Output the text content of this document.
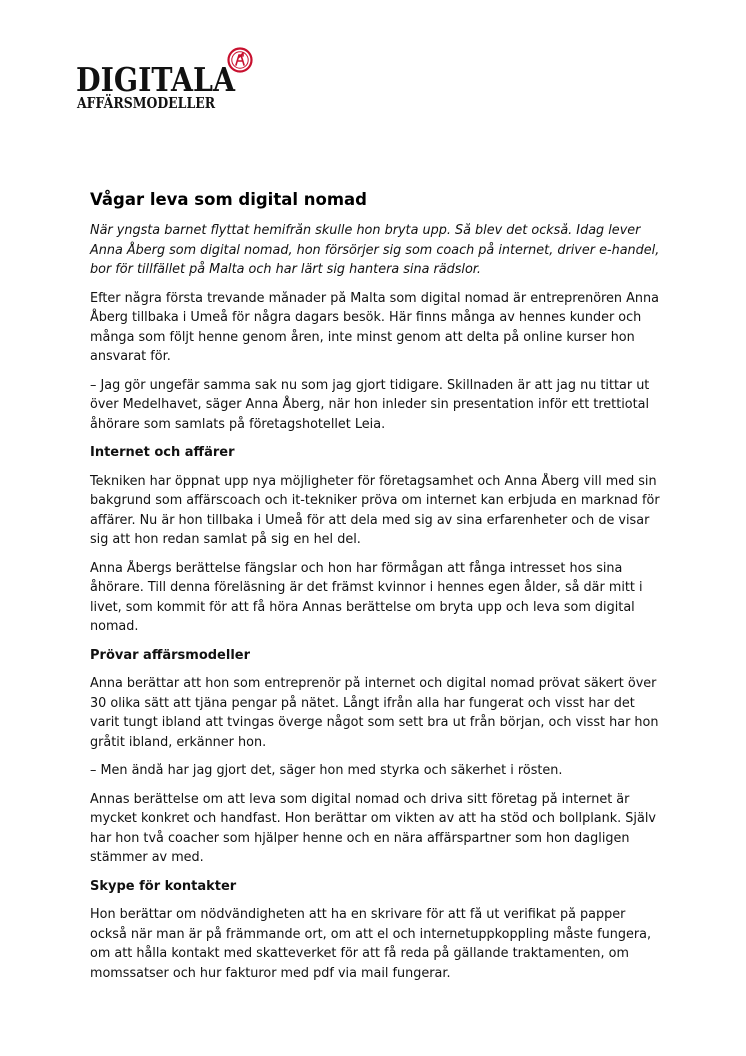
DIGITALA
AFFÄRSMODELLER
Vågar leva som digital nomad

När yngsta barnet flyttat hemifrån skulle hon bryta upp. Så blev det också. Idag lever Anna Åberg som digital nomad, hon försörjer sig som coach på internet, driver e-handel, bor för tillfället på Malta och har lärt sig hantera sina rädslor.

Efter några första trevande månader på Malta som digital nomad är entreprenören Anna Åberg tillbaka i Umeå för några dagars besök. Här finns många av hennes kunder och många som följt henne genom åren, inte minst genom att delta på online kurser hon ansvarat för.

– Jag gör ungefär samma sak nu som jag gjort tidigare. Skillnaden är att jag nu tittar ut över Medelhavet, säger Anna Åberg, när hon inleder sin presentation inför ett trettiotal åhörare som samlats på företagshotellet Leia.

Internet och affärer

Tekniken har öppnat upp nya möjligheter för företagsamhet och Anna Åberg vill med sin bakgrund som affärscoach och it-tekniker pröva om internet kan erbjuda en marknad för affärer. Nu är hon tillbaka i Umeå för att dela med sig av sina erfarenheter och de visar sig att hon redan samlat på sig en hel del.

Anna Åbergs berättelse fängslar och hon har förmågan att fånga intresset hos sina åhörare. Till denna föreläsning är det främst kvinnor i hennes egen ålder, så där mitt i livet, som kommit för att få höra Annas berättelse om bryta upp och leva som digital nomad.

Prövar affärsmodeller

Anna berättar att hon som entreprenör på internet och digital nomad prövat säkert över 30 olika sätt att tjäna pengar på nätet. Långt ifrån alla har fungerat och visst har det varit tungt ibland att tvingas överge något som sett bra ut från början, och visst har hon gråtit ibland, erkänner hon.

– Men ändå har jag gjort det, säger hon med styrka och säkerhet i rösten.

Annas berättelse om att leva som digital nomad och driva sitt företag på internet är mycket konkret och handfast. Hon berättar om vikten av att ha stöd och bollplank. Själv har hon två coacher som hjälper henne och en nära affärspartner som hon dagligen stämmer av med.

Skype för kontakter

Hon berättar om nödvändigheten att ha en skrivare för att få ut verifikat på papper också när man är på främmande ort, om att el och internetuppkoppling måste fungera, om att hålla kontakt med skatteverket för att få reda på gällande traktamenten, om momssatser och hur fakturor med pdf via mail fungerar.
